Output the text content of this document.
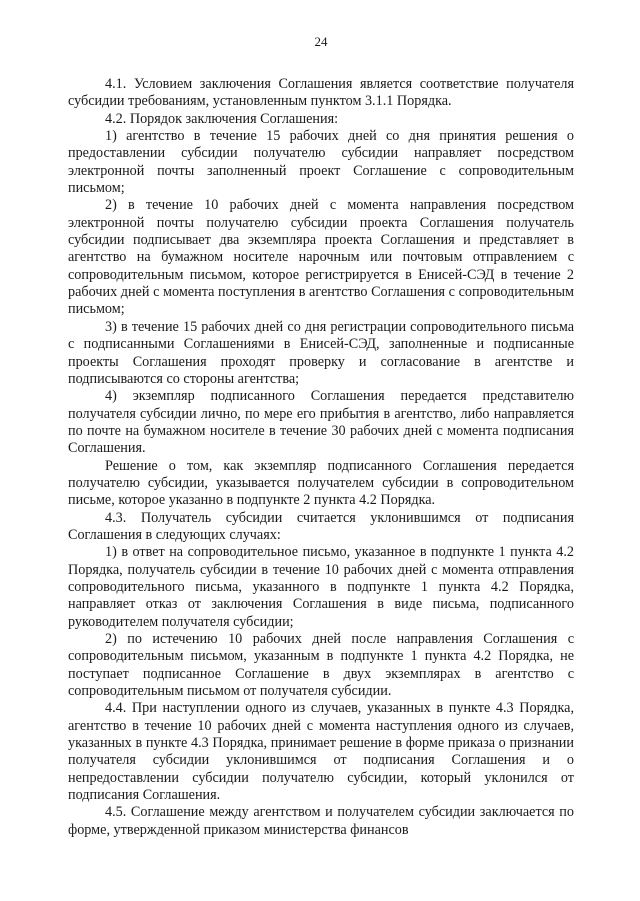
24

4.1. Условием заключения Соглашения является соответствие получателя субсидии требованиям, установленным пунктом 3.1.1 Порядка.

4.2. Порядок заключения Соглашения:

1) агентство в течение 15 рабочих дней со дня принятия решения о предоставлении субсидии получателю субсидии направляет посредством электронной почты заполненный проект Соглашение с сопроводительным письмом;

2) в течение 10 рабочих дней с момента направления посредством электронной почты получателю субсидии проекта Соглашения получатель субсидии подписывает два экземпляра проекта Соглашения и представляет в агентство на бумажном носителе нарочным или почтовым отправлением с сопроводительным письмом, которое регистрируется в Енисей-СЭД в течение 2 рабочих дней с момента поступления в агентство Соглашения с сопроводительным письмом;

3) в течение 15 рабочих дней со дня регистрации сопроводительного письма с подписанными Соглашениями в Енисей-СЭД, заполненные и подписанные проекты Соглашения проходят проверку и согласование в агентстве и подписываются со стороны агентства;

4) экземпляр подписанного Соглашения передается представителю получателя субсидии лично, по мере его прибытия в агентство, либо направляется по почте на бумажном носителе в течение 30 рабочих дней с момента подписания Соглашения.

Решение о том, как экземпляр подписанного Соглашения передается получателю субсидии, указывается получателем субсидии в сопроводительном письме, которое указанно в подпункте 2 пункта 4.2 Порядка.

4.3. Получатель субсидии считается уклонившимся от подписания Соглашения в следующих случаях:

1) в ответ на сопроводительное письмо, указанное в подпункте 1 пункта 4.2 Порядка, получатель субсидии в течение 10 рабочих дней с момента отправления сопроводительного письма, указанного в подпункте 1 пункта 4.2 Порядка, направляет отказ от заключения Соглашения в виде письма, подписанного руководителем получателя субсидии;

2) по истечению 10 рабочих дней после направления Соглашения с сопроводительным письмом, указанным в подпункте 1 пункта 4.2 Порядка, не поступает подписанное Соглашение в двух экземплярах в агентство с сопроводительным письмом от получателя субсидии.

4.4. При наступлении одного из случаев, указанных в пункте 4.3 Порядка, агентство в течение 10 рабочих дней с момента наступления одного из случаев, указанных в пункте 4.3 Порядка, принимает решение в форме приказа о признании получателя субсидии уклонившимся от подписания Соглашения и о непредоставлении субсидии получателю субсидии, который уклонился от подписания Соглашения.

4.5. Соглашение между агентством и получателем субсидии заключается по форме, утвержденной приказом министерства финансов
